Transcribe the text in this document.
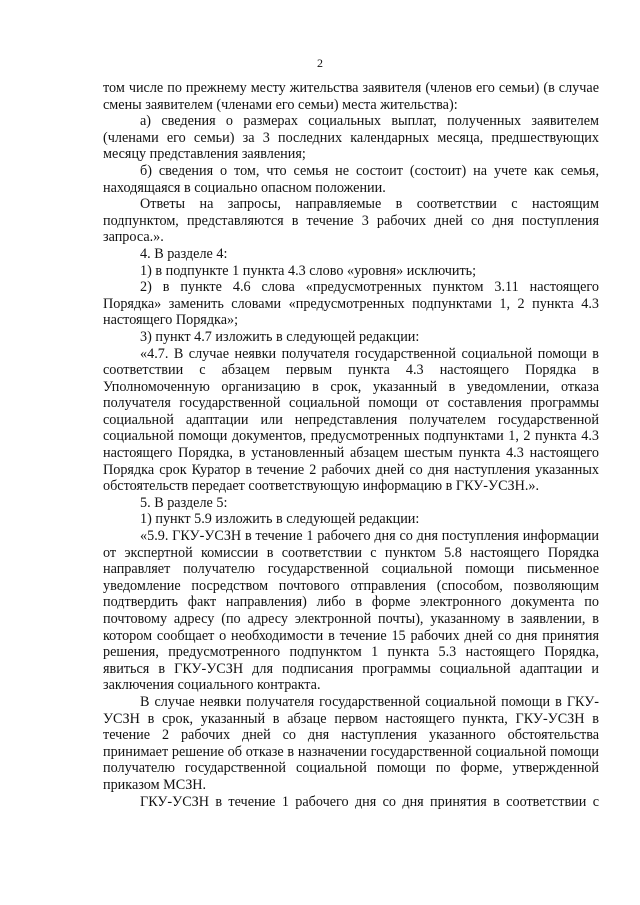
2

том числе по прежнему месту жительства заявителя (членов его семьи) (в случае смены заявителем (членами его семьи) места жительства):

а) сведения о размерах социальных выплат, полученных заявителем (членами его семьи) за 3 последних календарных месяца, предшествующих месяцу представления заявления;

б) сведения о том, что семья не состоит (состоит) на учете как семья, находящаяся в социально опасном положении.

Ответы на запросы, направляемые в соответствии с настоящим подпунктом, представляются в течение 3 рабочих дней со дня поступления запроса.».

4. В разделе 4:

1) в подпункте 1 пункта 4.3 слово «уровня» исключить;

2) в пункте 4.6 слова «предусмотренных пунктом 3.11 настоящего Порядка» заменить словами «предусмотренных подпунктами 1, 2 пункта 4.3 настоящего Порядка»;

3) пункт 4.7 изложить в следующей редакции:

«4.7. В случае неявки получателя государственной социальной помощи в соответствии с абзацем первым пункта 4.3 настоящего Порядка в Уполномоченную организацию в срок, указанный в уведомлении, отказа получателя государственной социальной помощи от составления программы социальной адаптации или непредставления получателем государственной социальной помощи документов, предусмотренных подпунктами 1, 2 пункта 4.3 настоящего Порядка, в установленный абзацем шестым пункта 4.3 настоящего Порядка срок Куратор в течение 2 рабочих дней со дня наступления указанных обстоятельств передает соответствующую информацию в ГКУ-УСЗН.».

5. В разделе 5:

1) пункт 5.9 изложить в следующей редакции:

«5.9. ГКУ-УСЗН в течение 1 рабочего дня со дня поступления информации от экспертной комиссии в соответствии с пунктом 5.8 настоящего Порядка направляет получателю государственной социальной помощи письменное уведомление посредством почтового отправления (способом, позволяющим подтвердить факт направления) либо в форме электронного документа по почтовому адресу (по адресу электронной почты), указанному в заявлении, в котором сообщает о необходимости в течение 15 рабочих дней со дня принятия решения, предусмотренного подпунктом 1 пункта 5.3 настоящего Порядка, явиться в ГКУ-УСЗН для подписания программы социальной адаптации и заключения социального контракта.

В случае неявки получателя государственной социальной помощи в ГКУ-УСЗН в срок, указанный в абзаце первом настоящего пункта, ГКУ-УСЗН в течение 2 рабочих дней со дня наступления указанного обстоятельства принимает решение об отказе в назначении государственной социальной помощи получателю государственной социальной помощи по форме, утвержденной приказом МСЗН.

ГКУ-УСЗН в течение 1 рабочего дня со дня принятия в соответствии с
